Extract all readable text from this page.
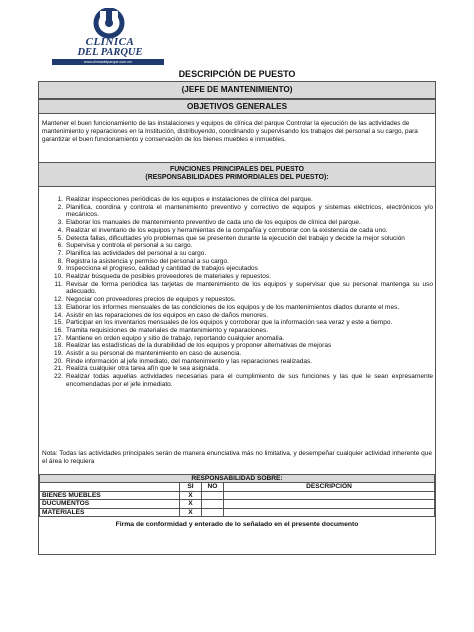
CLÍNICA
DEL PARQUE
www.clinicadelparque.com.mx
DESCRIPCIÓN DE PUESTO
(JEFE DE MANTENIMIENTO)
OBJETIVOS GENERALES
Mantener el buen funcionamiento de las instalaciones y equipos de clínica del parque Controlar la ejecución de las actividades de mantenimiento y reparaciones en la Institución, distribuyendo, coordinando y supervisando los trabajos del personal a su cargo, para garantizar el buen funcionamiento y conservación de los bienes muebles e inmuebles.
FUNCIONES PRINCIPALES DEL PUESTO
(RESPONSABILIDADES PRIMORDIALES DEL PUESTO):
1. Realizar inspecciones periódicas de los equipos e instalaciones de clínica del parque.
2. Planifica, coordina y controla el mantenimiento preventivo y correctivo de equipos y sistemas eléctricos, electrónicos y/o mecánicos.
3. Elaborar los manuales de mantenimiento preventivo de cada uno de los equipos de clínica del parque.
4. Realizar el inventario de los equipos y herramientas de la compañía y corroborar con la existencia de cada uno.
5. Detecta fallas, dificultades y/o problemas que se presenten durante la ejecución del trabajo y decide la mejor solución
6. Supervisa y controla el personal a su cargo.
7. Planifica las actividades del personal a su cargo.
8. Registra la asistencia y permiso del personal a su cargo.
9. Inspecciona el progreso, calidad y cantidad de trabajos ejecutados
10. Realizar búsqueda de posibles proveedores de materiales y repuestos.
11. Revisar de forma periódica las tarjetas de mantenimiento de los equipos y supervisar que su personal mantenga su uso adecuado.
12. Negociar con proveedores precios de equipos y repuestos.
13. Elaborar los informes mensuales de las condiciones de los equipos y de los mantenimientos diados durante el mes.
14. Asistir en las reparaciones de los equipos en caso de daños menores.
15. Participar en los inventarios mensuales de los equipos y corroborar que la información sea veraz y este a tiempo.
16. Tramita requisiciones de materiales de mantenimiento y reparaciones.
17. Mantiene en orden equipo y sitio de trabajo, reportando cualquier anomalía.
18. Realizar las estadísticas de la durabilidad de los equipos y proponer alternativas de mejoras
19. Asistir a su personal de mantenimiento en caso de ausencia.
20. Rinde información al jefe inmediato, del mantenimiento y las reparaciones realizadas.
21. Realiza cualquier otra tarea afín que le sea asignada.
22. Realizar todas aquellas actividades necesarias para el cumplimiento de sus funciones y las que le sean expresamente encomendadas por el jefe inmediato.
Nota: Todas las actividades principales serán de manera enunciativa más no limitativa, y desempeñar cualquier actividad inherente que el área lo requiera
RESPONSABILIDAD SOBRE:			
	SI	NO	DESCRIPCIÓN
BIENES MUEBLES	X		
DUCUMENTOS	X		
MATERIALES	X		
Firma de conformidad y enterado de lo señalado en el presente documento
